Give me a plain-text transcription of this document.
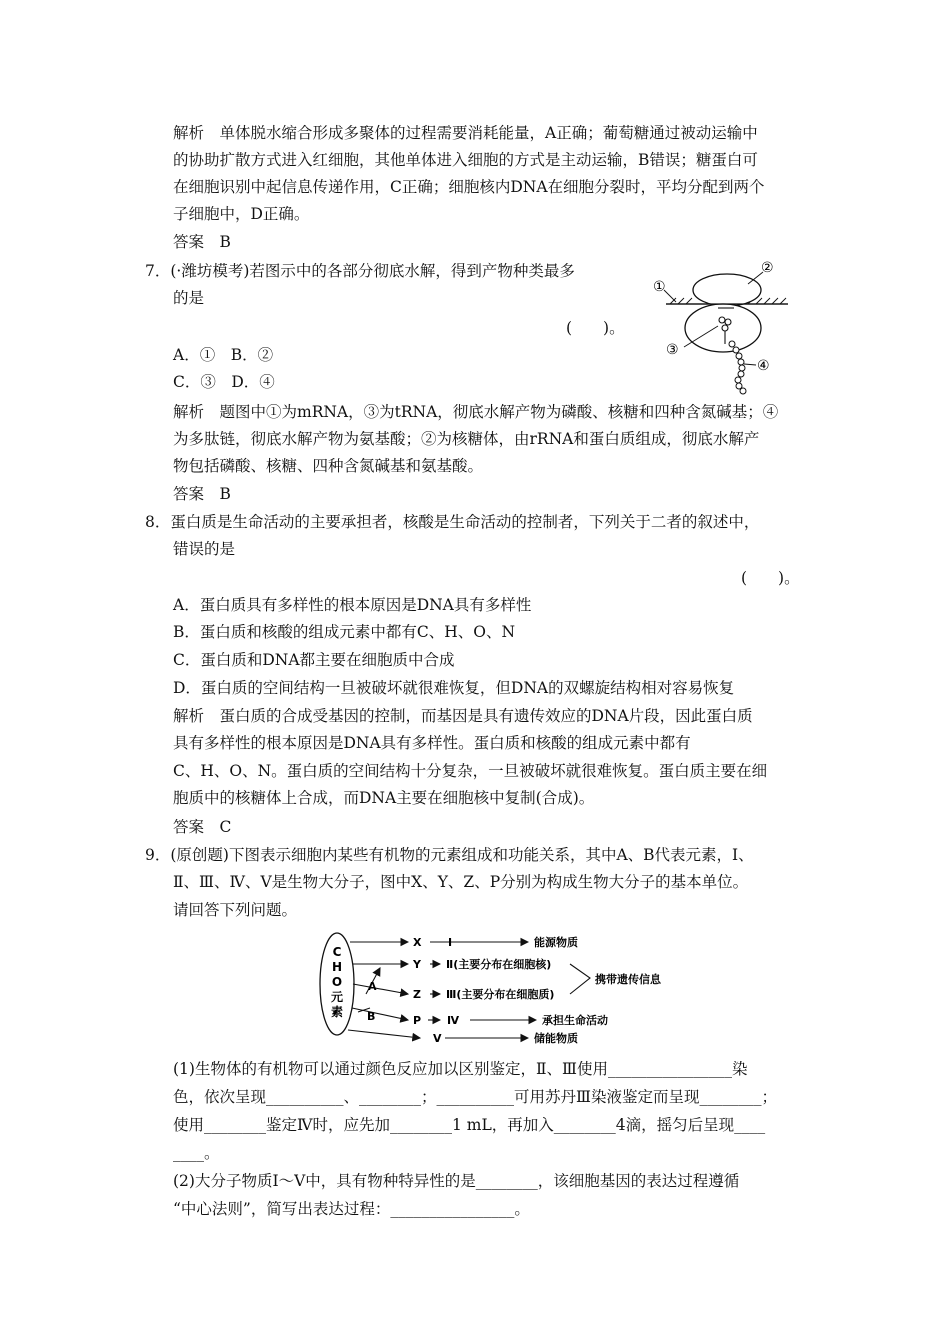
解析　单体脱水缩合形成多聚体的过程需要消耗能量，A正确；葡萄糖通过被动运输中
的协助扩散方式进入红细胞，其他单体进入细胞的方式是主动运输，B错误；糖蛋白可
在细胞识别中起信息传递作用，C正确；细胞核内DNA在细胞分裂时，平均分配到两个
子细胞中，D正确。
答案　B
7．(·潍坊模考)若图示中的各部分彻底水解，得到产物种类最多
的是
(　　)。
A．①　B．②
C．③　D．④
①
②
③
④
解析　题图中①为mRNA，③为tRNA，彻底水解产物为磷酸、核糖和四种含氮碱基；④
为多肽链，彻底水解产物为氨基酸；②为核糖体，由rRNA和蛋白质组成，彻底水解产
物包括磷酸、核糖、四种含氮碱基和氨基酸。
答案　B
8．蛋白质是生命活动的主要承担者，核酸是生命活动的控制者，下列关于二者的叙述中，
错误的是
(　　)。
A．蛋白质具有多样性的根本原因是DNA具有多样性
B．蛋白质和核酸的组成元素中都有C、H、O、N
C．蛋白质和DNA都主要在细胞质中合成
D．蛋白质的空间结构一旦被破坏就很难恢复，但DNA的双螺旋结构相对容易恢复
解析　蛋白质的合成受基因的控制，而基因是具有遗传效应的DNA片段，因此蛋白质
具有多样性的根本原因是DNA具有多样性。蛋白质和核酸的组成元素中都有
C、H、O、N。蛋白质的空间结构十分复杂，一旦被破坏就很难恢复。蛋白质主要在细
胞质中的核糖体上合成，而DNA主要在细胞核中复制(合成)。
答案　C
9．(原创题)下图表示细胞内某些有机物的元素组成和功能关系，其中A、B代表元素，Ⅰ、
Ⅱ、Ⅲ、Ⅳ、Ⅴ是生物大分子，图中X、Y、Z、P分别为构成生物大分子的基本单位。
请回答下列问题。
C
H
O
元
素
X
Y
Z
P
A
B
Ⅰ
Ⅱ(主要分布在细胞核)
Ⅲ(主要分布在细胞质)
Ⅳ
Ⅴ
能源物质
承担生命活动
储能物质
携带遗传信息
(1)生物体的有机物可以通过颜色反应加以区别鉴定，Ⅱ、Ⅲ使用________________染
色，依次呈现__________、________；__________可用苏丹Ⅲ染液鉴定而呈现________；
使用________鉴定Ⅳ时，应先加________1 mL，再加入________4滴，摇匀后呈现____
____。
(2)大分子物质Ⅰ～Ⅴ中，具有物种特异性的是________，该细胞基因的表达过程遵循
“中心法则”，简写出表达过程：________________。
